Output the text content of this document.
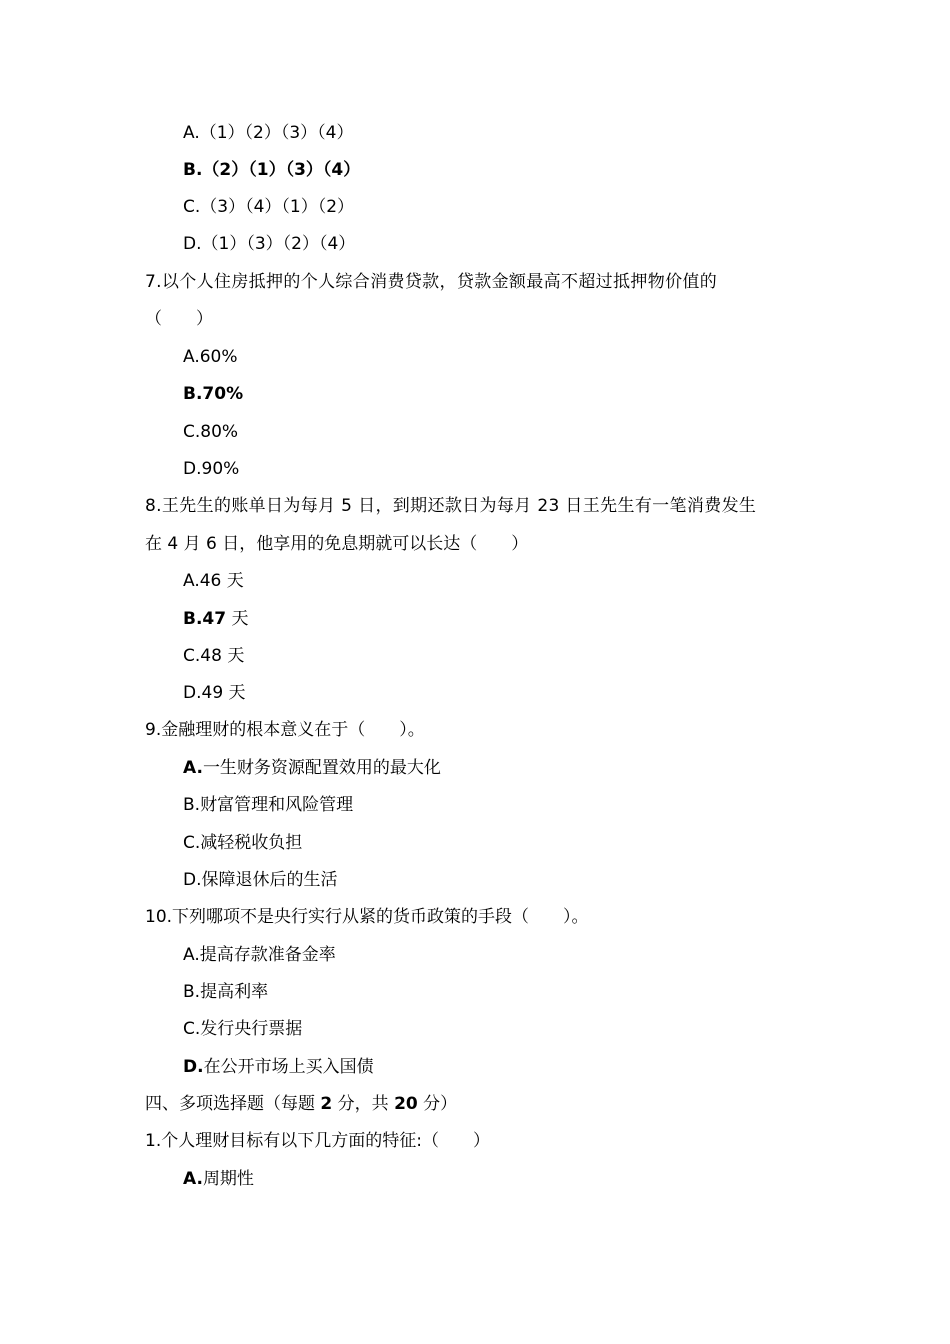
A.（1）（2）（3）（4）
B.（2）（1）（3）（4）
C.（3）（4）（1）（2）
D.（1）（3）（2）（4）
7.以个人住房抵押的个人综合消费贷款，贷款金额最高不超过抵押物价值的
（　　）
A.60%
B.70%
C.80%
D.90%
8.王先生的账单日为每月 5 日，到期还款日为每月 23 日王先生有一笔消费发生
在 4 月 6 日，他享用的免息期就可以长达（　　）
A.46 天
B.47 天
C.48 天
D.49 天
9.金融理财的根本意义在于（　　）。
A.一生财务资源配置效用的最大化
B.财富管理和风险管理
C.减轻税收负担
D.保障退休后的生活
10.下列哪项不是央行实行从紧的货币政策的手段（　　）。
A.提高存款准备金率
B.提高利率
C.发行央行票据
D.在公开市场上买入国债
四、多项选择题（每题 2 分，共 20 分）
1.个人理财目标有以下几方面的特征:（　　）
A.周期性
